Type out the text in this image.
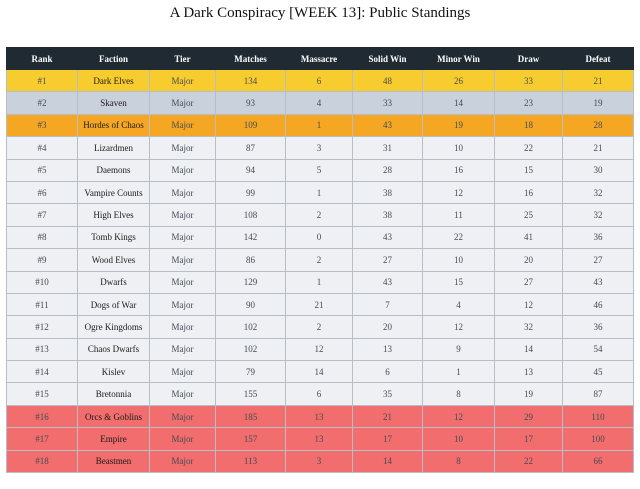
A Dark Conspiracy [WEEK 13]: Public Standings
Rank	Faction	Tier	Matches	Massacre	Solid Win	Minor Win	Draw	Defeat
#1	Dark Elves	Major	134	6	48	26	33	21
#2	Skaven	Major	93	4	33	14	23	19
#3	Hordes of Chaos	Major	109	1	43	19	18	28
#4	Lizardmen	Major	87	3	31	10	22	21
#5	Daemons	Major	94	5	28	16	15	30
#6	Vampire Counts	Major	99	1	38	12	16	32
#7	High Elves	Major	108	2	38	11	25	32
#8	Tomb Kings	Major	142	0	43	22	41	36
#9	Wood Elves	Major	86	2	27	10	20	27
#10	Dwarfs	Major	129	1	43	15	27	43
#11	Dogs of War	Major	90	21	7	4	12	46
#12	Ogre Kingdoms	Major	102	2	20	12	32	36
#13	Chaos Dwarfs	Major	102	12	13	9	14	54
#14	Kislev	Major	79	14	6	1	13	45
#15	Bretonnia	Major	155	6	35	8	19	87
#16	Orcs & Goblins	Major	185	13	21	12	29	110
#17	Empire	Major	157	13	17	10	17	100
#18	Beastmen	Major	113	3	14	8	22	66
